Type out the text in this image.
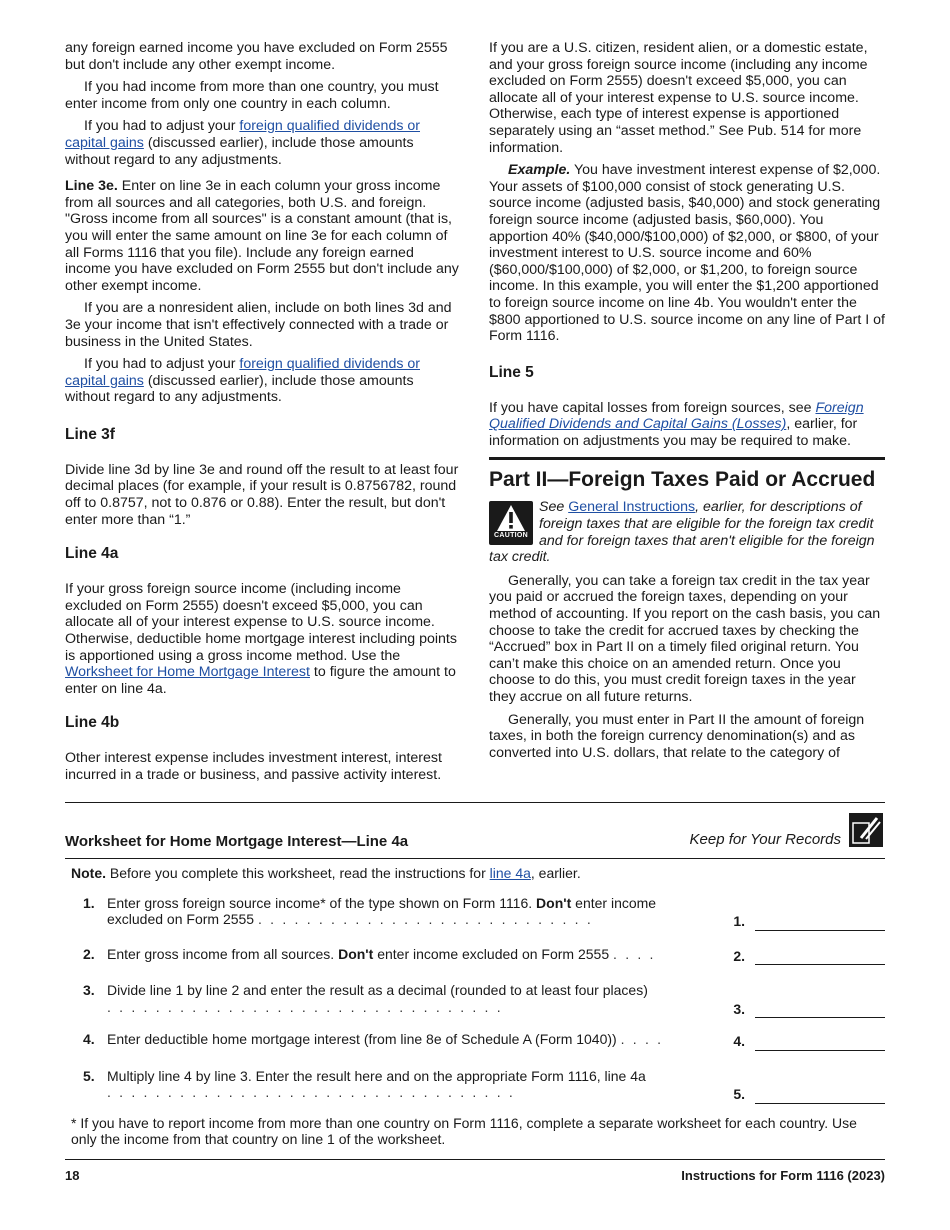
any foreign earned income you have excluded on Form 2555 but don't include any other exempt income.

If you had income from more than one country, you must enter income from only one country in each column.

If you had to adjust your foreign qualified dividends or capital gains (discussed earlier), include those amounts without regard to any adjustments.

Line 3e. Enter on line 3e in each column your gross income from all sources and all categories, both U.S. and foreign. "Gross income from all sources" is a constant amount (that is, you will enter the same amount on line 3e for each column of all Forms 1116 that you file). Include any foreign earned income you have excluded on Form 2555 but don't include any other exempt income.

If you are a nonresident alien, include on both lines 3d and 3e your income that isn't effectively connected with a trade or business in the United States.

If you had to adjust your foreign qualified dividends or capital gains (discussed earlier), include those amounts without regard to any adjustments.

Line 3f

Divide line 3d by line 3e and round off the result to at least four decimal places (for example, if your result is 0.8756782, round off to 0.8757, not to 0.876 or 0.88). Enter the result, but don't enter more than “1.”

Line 4a

If your gross foreign source income (including income excluded on Form 2555) doesn't exceed $5,000, you can allocate all of your interest expense to U.S. source income. Otherwise, deductible home mortgage interest including points is apportioned using a gross income method. Use the Worksheet for Home Mortgage Interest to figure the amount to enter on line 4a.

Line 4b

Other interest expense includes investment interest, interest incurred in a trade or business, and passive activity interest.

If you are a U.S. citizen, resident alien, or a domestic estate, and your gross foreign source income (including any income excluded on Form 2555) doesn't exceed $5,000, you can allocate all of your interest expense to U.S. source income. Otherwise, each type of interest expense is apportioned separately using an “asset method.” See Pub. 514 for more information.

Example. You have investment interest expense of $2,000. Your assets of $100,000 consist of stock generating U.S. source income (adjusted basis, $40,000) and stock generating foreign source income (adjusted basis, $60,000). You apportion 40% ($40,000/$100,000) of $2,000, or $800, of your investment interest to U.S. source income and 60% ($60,000/$100,000) of $2,000, or $1,200, to foreign source income. In this example, you will enter the $1,200 apportioned to foreign source income on line 4b. You wouldn't enter the $800 apportioned to U.S. source income on any line of Part I of Form 1116.

Line 5

If you have capital losses from foreign sources, see Foreign Qualified Dividends and Capital Gains (Losses), earlier, for information on adjustments you may be required to make.

Part II—Foreign Taxes Paid or Accrued
CAUTION
See General Instructions, earlier, for descriptions of foreign taxes that are eligible for the foreign tax credit and for foreign taxes that aren't eligible for the foreign tax credit.

Generally, you can take a foreign tax credit in the tax year you paid or accrued the foreign taxes, depending on your method of accounting. If you report on the cash basis, you can choose to take the credit for accrued taxes by checking the “Accrued” box in Part II on a timely filed original return. You can’t make this choice on an amended return. Once you choose to do this, you must credit foreign taxes in the year they accrue on all future returns.

Generally, you must enter in Part II the amount of foreign taxes, in both the foreign currency denomination(s) and as converted into U.S. dollars, that relate to the category of

Worksheet for Home Mortgage Interest—Line 4a	Keep for Your Records
Note. Before you complete this worksheet, read the instructions for line 4a, earlier.
1. Enter gross foreign source income* of the type shown on Form 1116. Don't enter income excluded on Form 2555 . . . . . . . . . . . . . . . . . . . . . . . . . . . .	1.
2. Enter gross income from all sources. Don't enter income excluded on Form 2555 . . . .	2.
3. Divide line 1 by line 2 and enter the result as a decimal (rounded to at least four places) . . . . . . . . . . . . . . . . . . . . . . . . . . . . . . . . .	3.
4. Enter deductible home mortgage interest (from line 8e of Schedule A (Form 1040)) . . . .	4.
5. Multiply line 4 by line 3. Enter the result here and on the appropriate Form 1116, line 4a . . . . . . . . . . . . . . . . . . . . . . . . . . . . . . . . . .	5.
* If you have to report income from more than one country on Form 1116, complete a separate worksheet for each country. Use only the income from that country on line 1 of the worksheet.
18	Instructions for Form 1116 (2023)
